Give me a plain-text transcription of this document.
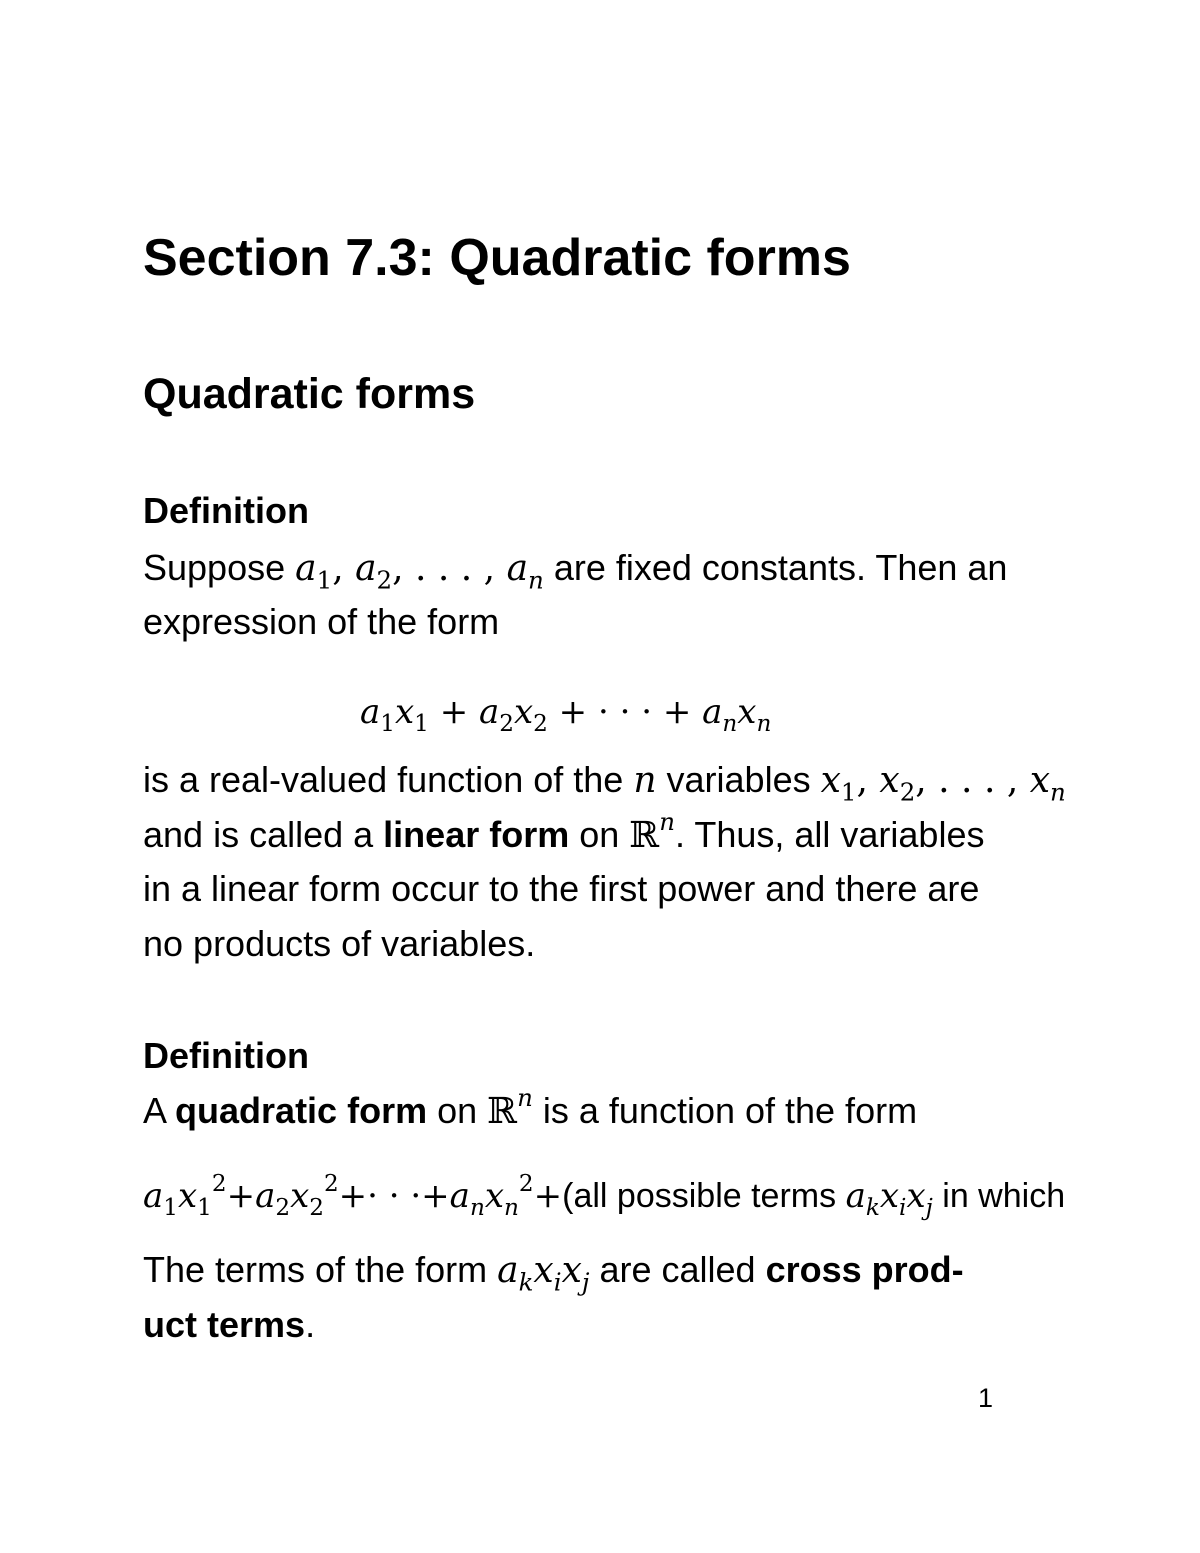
Section 7.3: Quadratic forms
Quadratic forms
Definition
Suppose $a_1$, $a_2$, . . . , $a_n$ are fixed constants. Then an
expression of the form
$a_1x_1 + a_2x_2$ + · · · + $a_nx_n$
is a real-valued function of the n variables $x_1$, $x_2$, . . . , $x_n$
and is called a linear form on ℝ$^n$. Thus, all variables
in a linear form occur to the first power and there are
no products of variables.
Definition
A quadratic form on ℝ$^n$ is a function of the form
$a_1x_1^2+a_2x_2^2+\cdot \cdot \cdot+a_nx_n^2+(all$ possible terms $a_kx_ix_j$ in which
The terms of the form $a_kx_ix_j$ are called cross prod-
uct terms.
1
